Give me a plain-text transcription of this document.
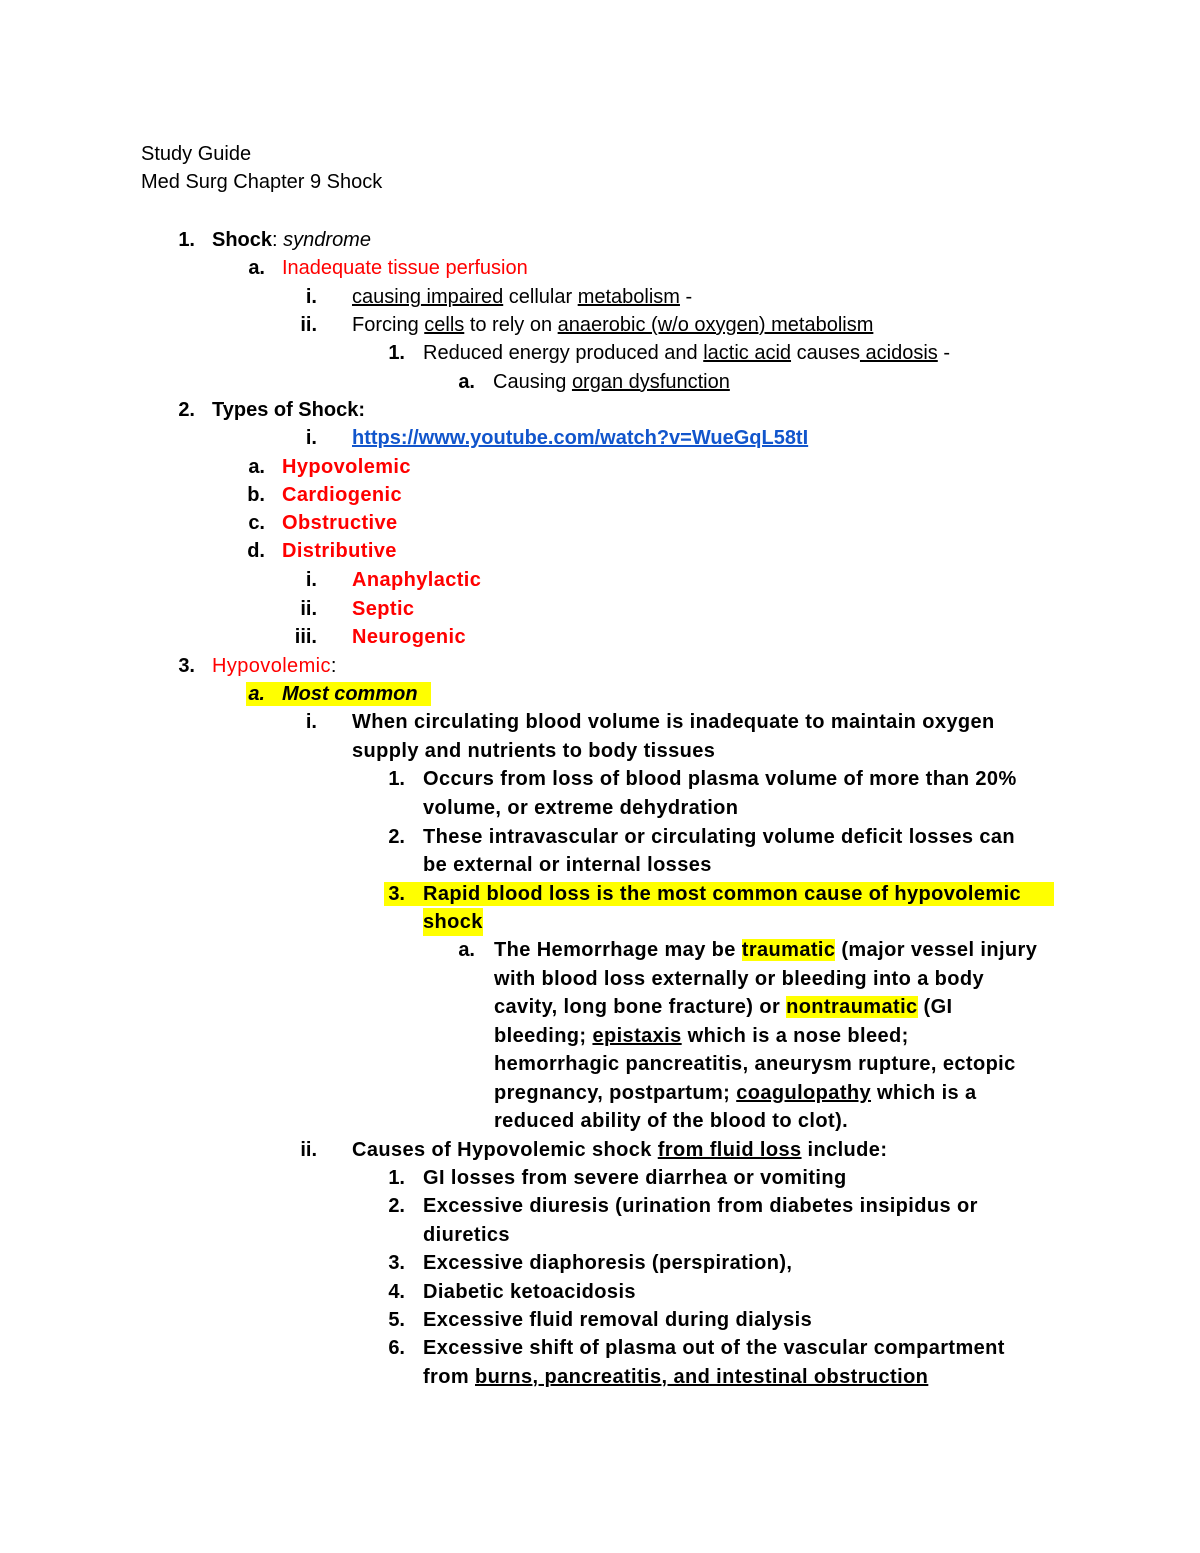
Study Guide
Med Surg Chapter 9 Shock
1. Shock: syndrome
a. Inadequate tissue perfusion
i. causing impaired cellular metabolism -
ii. Forcing cells to rely on anaerobic (w/o oxygen) metabolism
1. Reduced energy produced and lactic acid causes acidosis -
a. Causing organ dysfunction
2. Types of Shock:
i. https://www.youtube.com/watch?v=WueGqL58tI
a. Hypovolemic
b. Cardiogenic
c. Obstructive
d. Distributive
i. Anaphylactic
ii. Septic
iii. Neurogenic
3. Hypovolemic:
a. Most common
i. When circulating blood volume is inadequate to maintain oxygen
supply and nutrients to body tissues
1. Occurs from loss of blood plasma volume of more than 20%
volume, or extreme dehydration
2. These intravascular or circulating volume deficit losses can
be external or internal losses
3. Rapid blood loss is the most common cause of hypovolemic
shock
a. The Hemorrhage may be traumatic (major vessel injury
with blood loss externally or bleeding into a body
cavity, long bone fracture) or nontraumatic (GI
bleeding; epistaxis which is a nose bleed;
hemorrhagic pancreatitis, aneurysm rupture, ectopic
pregnancy, postpartum; coagulopathy which is a
reduced ability of the blood to clot).
ii. Causes of Hypovolemic shock from fluid loss include:
1. GI losses from severe diarrhea or vomiting
2. Excessive diuresis (urination from diabetes insipidus or
diuretics
3. Excessive diaphoresis (perspiration),
4. Diabetic ketoacidosis
5. Excessive fluid removal during dialysis
6. Excessive shift of plasma out of the vascular compartment
from burns, pancreatitis, and intestinal obstruction
